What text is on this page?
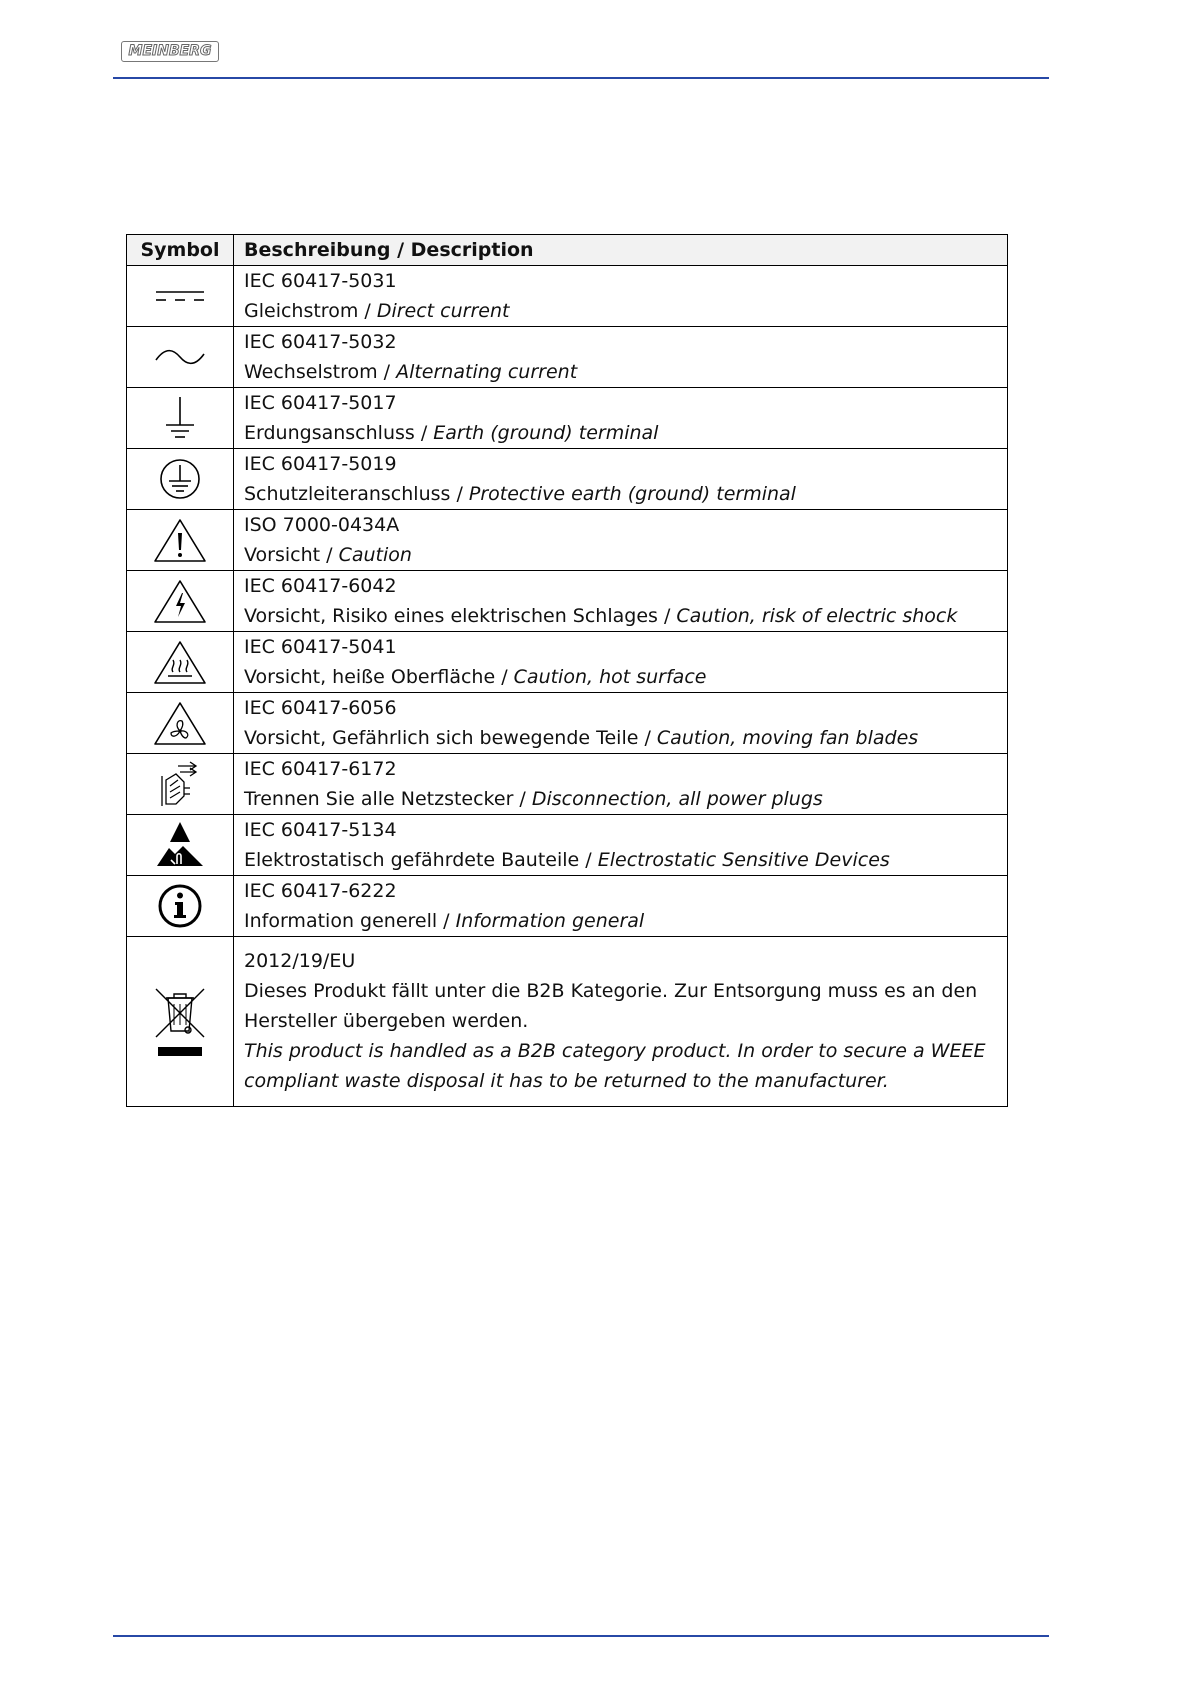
MEINBERG
Symbol	Beschreibung / Description

IEC 60417-5031
Gleichstrom / Direct current

IEC 60417-5032
Wechselstrom / Alternating current

IEC 60417-5017
Erdungsanschluss / Earth (ground) terminal

IEC 60417-5019
Schutzleiteranschluss / Protective earth (ground) terminal

ISO 7000-0434A
Vorsicht / Caution

IEC 60417-6042
Vorsicht, Risiko eines elektrischen Schlages / Caution, risk of electric shock

IEC 60417-5041
Vorsicht, heiße Oberfläche / Caution, hot surface

IEC 60417-6056
Vorsicht, Gefährlich sich bewegende Teile / Caution, moving fan blades

IEC 60417-6172
Trennen Sie alle Netzstecker / Disconnection, all power plugs

IEC 60417-5134
Elektrostatisch gefährdete Bauteile / Electrostatic Sensitive Devices

IEC 60417-6222
Information generell / Information general

2012/19/EU
Dieses Produkt fällt unter die B2B Kategorie. Zur Entsorgung muss es an den
Hersteller übergeben werden.
This product is handled as a B2B category product. In order to secure a WEEE
compliant waste disposal it has to be returned to the manufacturer.
